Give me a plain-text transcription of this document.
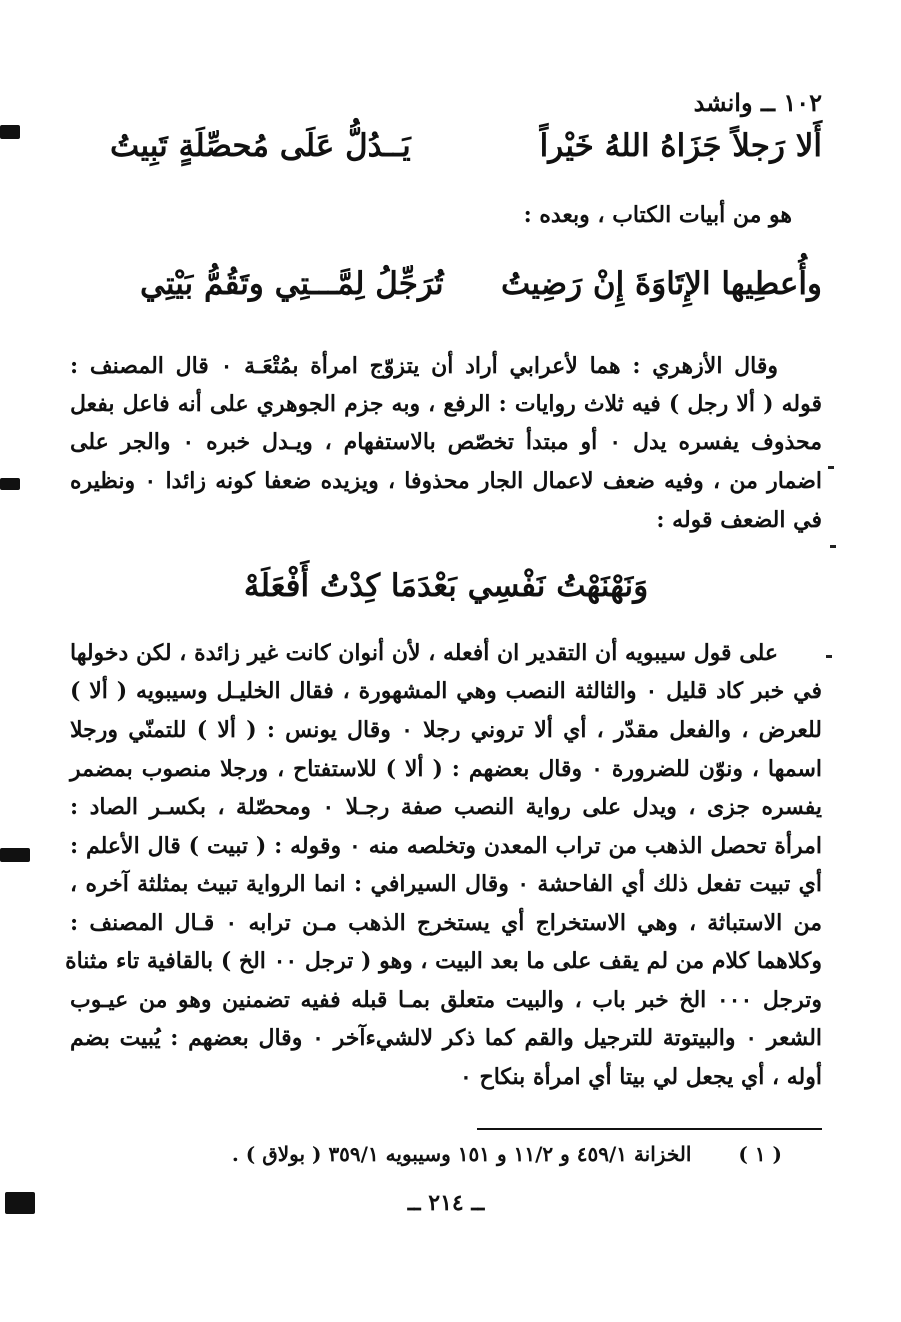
١٠٢ ــ وانشد
أَلا رَجلاً جَزَاهُ اللهُ خَيْراً
يَــدُلُّ عَلَى مُحصِّلَةٍ تَبِيتُ
هو من أبيات الكتاب ، وبعده :
وأُعطِيها الإِتَاوَةَ إِنْ رَضِيتُ
تُرَجِّلُ لِمَّـــتِي وتَقُمُّ بَيْتِي
وقال الأزهري : هما لأعرابي أراد أن يتزوّج امرأة بمُتْعَـة ٠ قال المصنف :
قوله ( ألا رجل ) فيه ثلاث روايات : الرفع ، وبه جزم الجوهري على أنه فاعل بفعل
محذوف يفسره يدل ٠ أو مبتدأ تخصّص بالاستفهام ، ويـدل خبره ٠ والجر على
اضمار من ، وفيه ضعف لاعمال الجار محذوفا ، ويزيده ضعفا كونه زائدا ٠ ونظيره
في الضعف قوله :
وَنَهْنَهْتُ نَفْسِي بَعْدَمَا كِدْتُ أَفْعَلَهْ
على قول سيبويه أن التقدير ان أفعله ، لأن أنوان كانت غير زائدة ، لكن دخولها
في خبر كاد قليل ٠ والثالثة النصب وهي المشهورة ، فقال الخليـل وسيبويه ( ألا )
للعرض ، والفعل مقدّر ، أي ألا تروني رجلا ٠ وقال يونس : ( ألا ) للتمنّي ورجلا
اسمها ، ونوّن للضرورة ٠ وقال بعضهم : ( ألا ) للاستفتاح ، ورجلا منصوب بمضمر
يفسره جزى ، ويدل على رواية النصب صفة رجـلا ٠ ومحصّلة ، بكسـر الصاد :
امرأة تحصل الذهب من تراب المعدن وتخلصه منه ٠ وقوله : ( تبيت ) قال الأعلم :
أي تبيت تفعل ذلك أي الفاحشة ٠ وقال السيرافي : انما الرواية تبيث بمثلثة آخره ،
من الاستباثة ، وهي الاستخراج أي يستخرج الذهب مـن ترابه ٠ قـال المصنف :
وكلاهما كلام من لم يقف على ما بعد البيت ، وهو ( ترجل ٠٠ الخ ) بالقافية تاء مثناة
وترجل ٠٠٠ الخ خبر باب ، والبيت متعلق بمـا قبله ففيه تضمنين وهو من عيـوب
الشعر ٠ والبيتوتة للترجيل والقم كما ذكر لالشيءآخر ٠ وقال بعضهم : يُبيت بضم
أوله ، أي يجعل لي بيتا أي امرأة بنكاح ٠
( ١ ) الخزانة ٤٥٩/١ و ١١/٢ و ١٥١ وسيبويه ٣٥٩/١ ( بولاق ) .
ــ ٢١٤ ــ
